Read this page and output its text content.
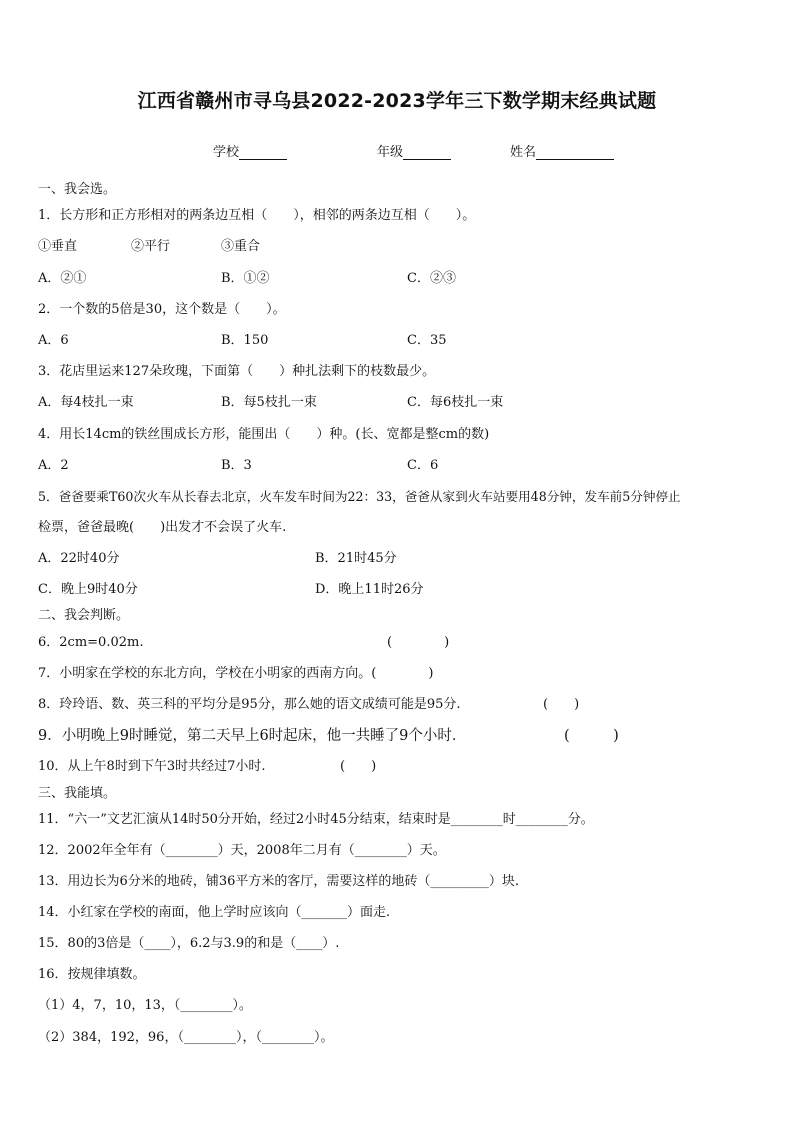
江西省赣州市寻乌县2022-2023学年三下数学期末经典试题
学校	年级	姓名
一、我会选。
1．长方形和正方形相对的两条边互相（　　），相邻的两条边互相（　　）。
①垂直	②平行	③重合
A．②①	B．①②	C．②③
2．一个数的5倍是30，这个数是（　　）。
A．6	B．150	C．35
3．花店里运来127朵玫瑰，下面第（　　）种扎法剩下的枝数最少。
A．每4枝扎一束	B．每5枝扎一束	C．每6枝扎一束
4．用长14cm的铁丝围成长方形，能围出（　　）种。(长、宽都是整cm的数)
A．2	B．3	C．6
5．爸爸要乘T60次火车从长春去北京，火车发车时间为22：33，爸爸从家到火车站要用48分钟，发车前5分钟停止
检票，爸爸最晚(　　)出发才不会误了火车.
A．22时40分	B．21时45分
C．晚上9时40分	D．晚上11时26分
二、我会判断。
6．2cm=0.02m.	(　　　　)
7．小明家在学校的东北方向，学校在小明家的西南方向。(　　　　)
8．玲玲语、数、英三科的平均分是95分，那么她的语文成绩可能是95分.	(　　)
9．小明晚上9时睡觉，第二天早上6时起床，他一共睡了9个小时．	(　　　)
10．从上午8时到下午3时共经过7小时.	(　　)
三、我能填。
11．“六一”文艺汇演从14时50分开始，经过2小时45分结束，结束时是________时________分。
12．2002年全年有（________）天，2008年二月有（________）天。
13．用边长为6分米的地砖，铺36平方米的客厅，需要这样的地砖（_________）块.
14．小红家在学校的南面，他上学时应该向（_______）面走.
15．80的3倍是（____），6.2与3.9的和是（____）.
16．按规律填数。
（1）4，7，10，13，（________）。
（2）384，192，96，（________），（________）。
